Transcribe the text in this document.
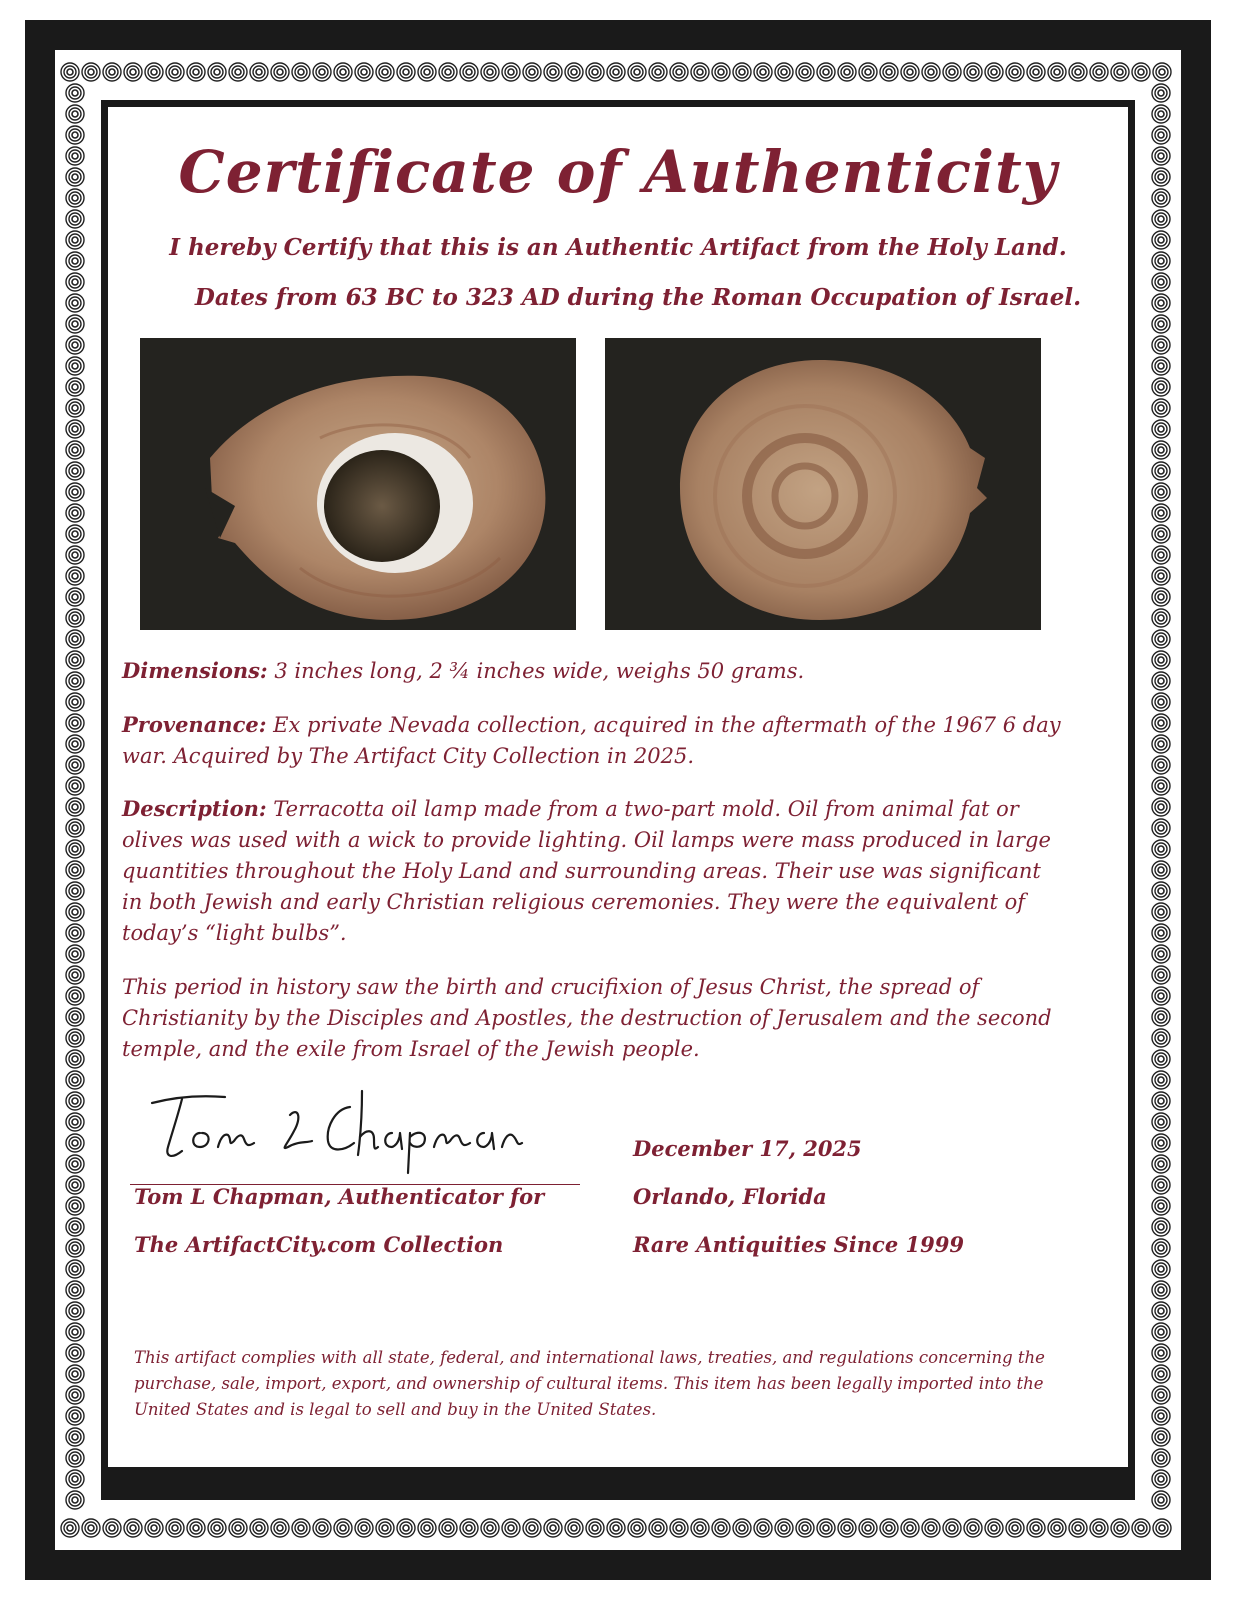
Certificate of Authenticity
I hereby Certify that this is an Authentic Artifact from the Holy Land.
Dates from 63 BC to 323 AD during the Roman Occupation of Israel.
Dimensions: 3 inches long, 2 ¾ inches wide, weighs 50 grams.
Provenance: Ex private Nevada collection, acquired in the aftermath of the 1967 6 day war. Acquired by The Artifact City Collection in 2025.
Description: Terracotta oil lamp made from a two-part mold. Oil from animal fat or olives was used with a wick to provide lighting. Oil lamps were mass produced in large quantities throughout the Holy Land and surrounding areas. Their use was significant in both Jewish and early Christian religious ceremonies. They were the equivalent of today’s “light bulbs”.
This period in history saw the birth and crucifixion of Jesus Christ, the spread of Christianity by the Disciples and Apostles, the destruction of Jerusalem and the second temple, and the exile from Israel of the Jewish people.
Tom L Chapman, Authenticator for
The ArtifactCity.com Collection
December 17, 2025
Orlando, Florida
Rare Antiquities Since 1999
This artifact complies with all state, federal, and international laws, treaties, and regulations concerning the purchase, sale, import, export, and ownership of cultural items. This item has been legally imported into the United States and is legal to sell and buy in the United States.
